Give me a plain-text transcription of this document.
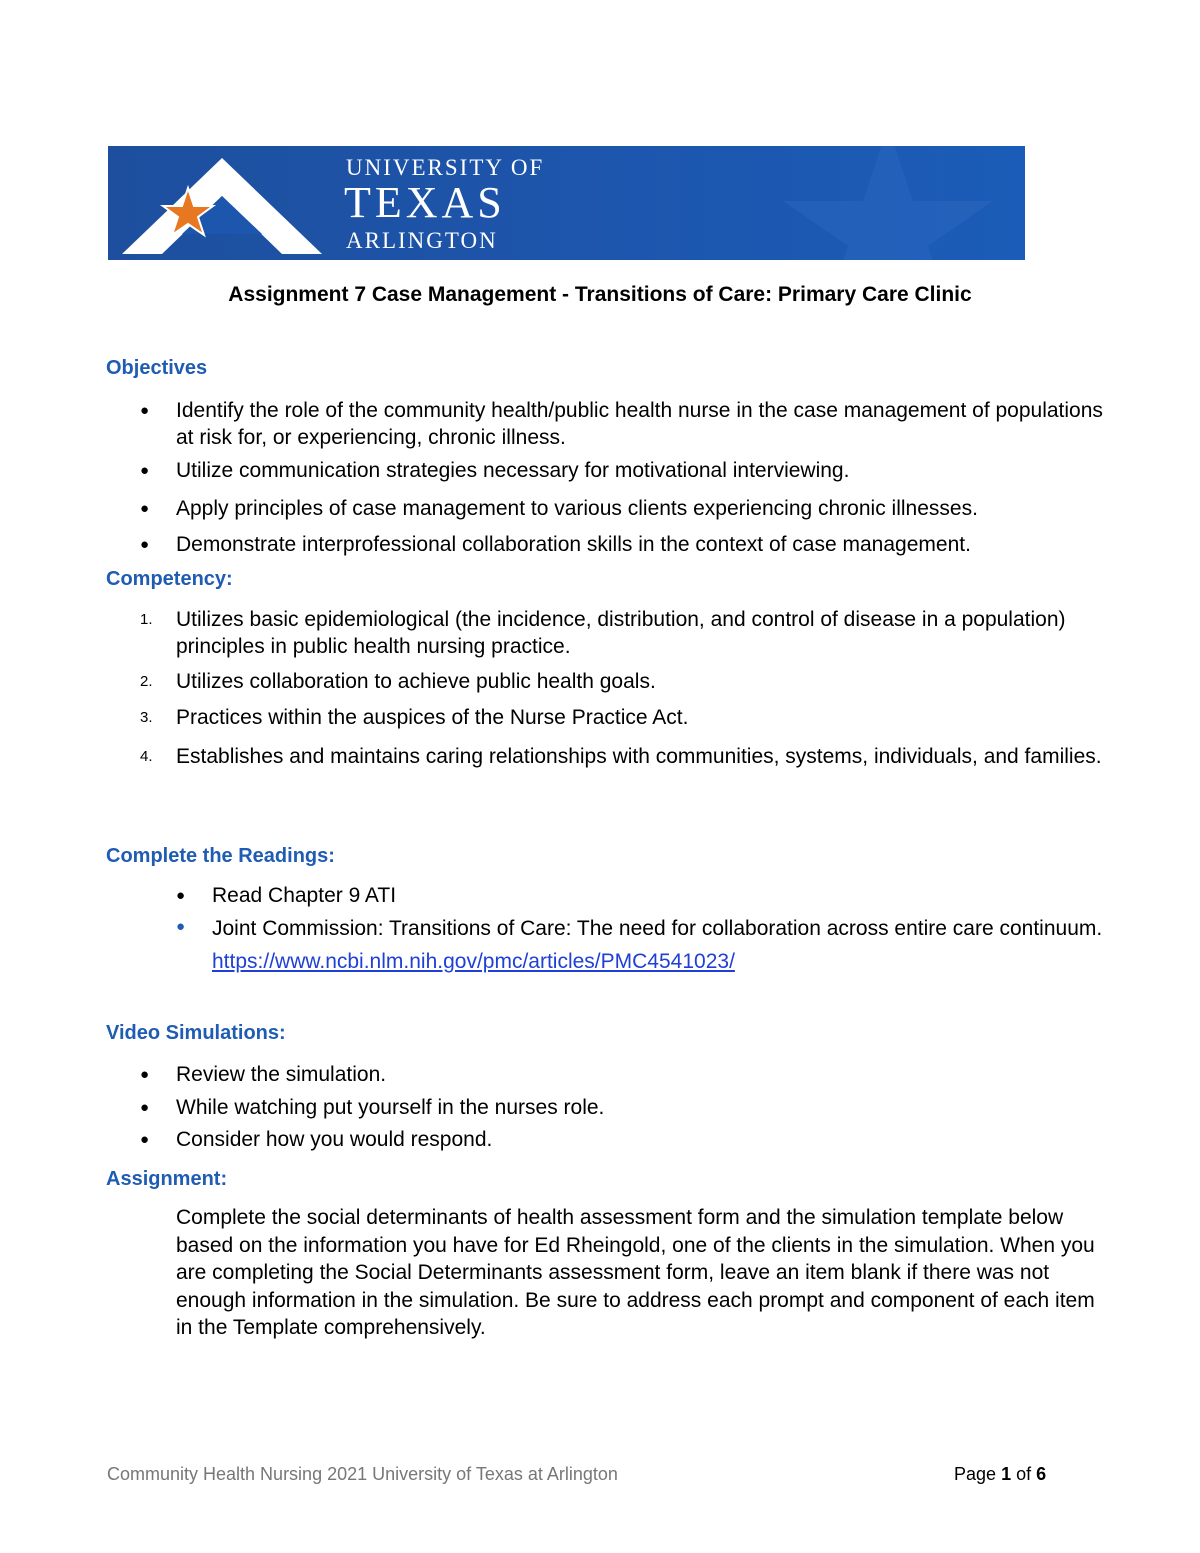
UNIVERSITY OF
TEXAS
ARLINGTON
Assignment 7 Case Management - Transitions of Care: Primary Care Clinic
Objectives
● Identify the role of the community health/public health nurse in the case management of populations at risk for, or experiencing, chronic illness.
● Utilize communication strategies necessary for motivational interviewing.
● Apply principles of case management to various clients experiencing chronic illnesses.
● Demonstrate interprofessional collaboration skills in the context of case management.
Competency:
1. Utilizes basic epidemiological (the incidence, distribution, and control of disease in a population) principles in public health nursing practice.
2. Utilizes collaboration to achieve public health goals.
3. Practices within the auspices of the Nurse Practice Act.
4. Establishes and maintains caring relationships with communities, systems, individuals, and families.
Complete the Readings:
● Read Chapter 9 ATI
● Joint Commission: Transitions of Care: The need for collaboration across entire care continuum. https://www.ncbi.nlm.nih.gov/pmc/articles/PMC4541023/
Video Simulations:
● Review the simulation.
● While watching put yourself in the nurses role.
● Consider how you would respond.
Assignment:
Complete the social determinants of health assessment form and the simulation template below based on the information you have for Ed Rheingold, one of the clients in the simulation. When you are completing the Social Determinants assessment form, leave an item blank if there was not enough information in the simulation. Be sure to address each prompt and component of each item in the Template comprehensively.
Community Health Nursing 2021 University of Texas at Arlington	Page 1 of 6
